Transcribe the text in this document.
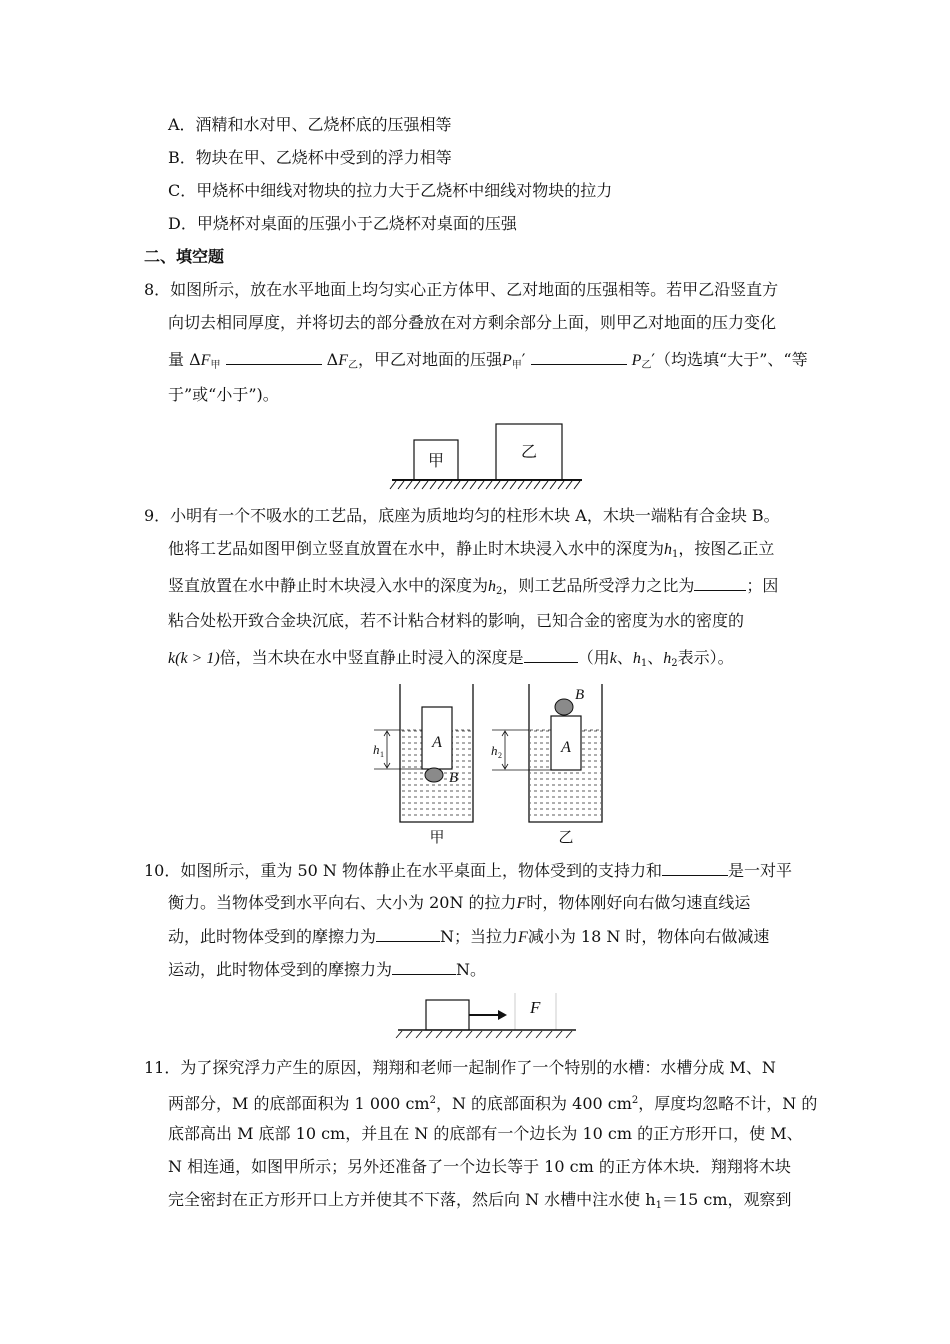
A．酒精和水对甲、乙烧杯底的压强相等
B．物块在甲、乙烧杯中受到的浮力相等
C．甲烧杯中细线对物块的拉力大于乙烧杯中细线对物块的拉力
D．甲烧杯对桌面的压强小于乙烧杯对桌面的压强
二、填空题
8．如图所示，放在水平地面上均匀实心正方体甲、乙对地面的压强相等。若甲乙沿竖直方
向切去相同厚度，并将切去的部分叠放在对方剩余部分上面，则甲乙对地面的压力变化
量 $\Delta F_甲$	$\Delta F_乙$，甲乙对地面的压强$P_甲'$	$P_乙'$（均选填“大于”、“等
于”或“小于”)。
甲
乙
9．小明有一个不吸水的工艺品，底座为质地均匀的柱形木块 A，木块一端粘有合金块 B。
他将工艺品如图甲倒立竖直放置在水中，静止时木块浸入水中的深度为$h_1$，按图乙正立
竖直放置在水中静止时木块浸入水中的深度为$h_2$，则工艺品所受浮力之比为	；因
粘合处松开致合金块沉底，若不计粘合材料的影响，已知合金的密度为水的密度的
k(k > 1)倍，当木块在水中竖直静止时浸入的深度是	（用k、$h_1$、$h_2$表示）。
A
B
h 1
甲
A
B
h 2
乙
10．如图所示，重为 50 N 物体静止在水平桌面上，物体受到的支持力和	是一对平
衡力。当物体受到水平向右、大小为 20N 的拉力F时，物体刚好向右做匀速直线运
动，此时物体受到的摩擦力为	N；当拉力F减小为 18 N 时，物体向右做减速
运动，此时物体受到的摩擦力为	N。
F
11．为了探究浮力产生的原因，翔翔和老师一起制作了一个特别的水槽：水槽分成 M、N
两部分，M 的底部面积为 1 000 $cm^2$，N 的底部面积为 400 $cm^2$，厚度均忽略不计，N 的
底部高出 M 底部 10 cm，并且在 N 的底部有一个边长为 10 cm 的正方形开口，使 M、
N 相连通，如图甲所示；另外还准备了一个边长等于 10 cm 的正方体木块．翔翔将木块
完全密封在正方形开口上方并使其不下落，然后向 N 水槽中注水使 $h_1=15$ cm，观察到
